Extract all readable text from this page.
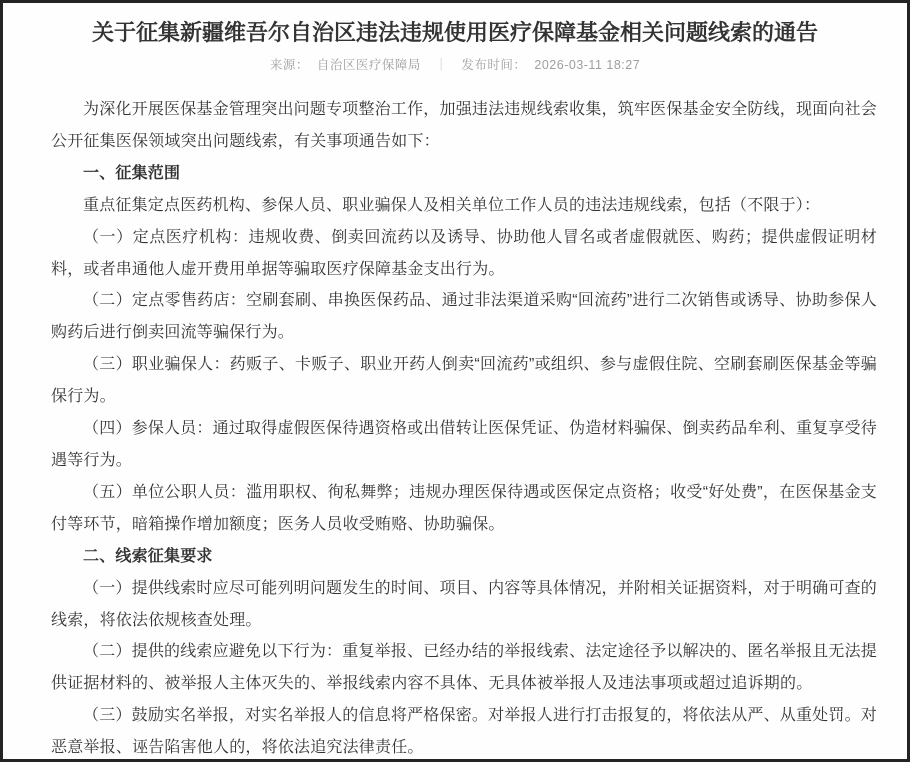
关于征集新疆维吾尔自治区违法违规使用医疗保障基金相关问题线索的通告
来源： 自治区医疗保障局 ｜ 发布时间： 2026-03-11 18:27

为深化开展医保基金管理突出问题专项整治工作，加强违法违规线索收集，筑牢医保基金安全防线，现面向社会公开征集医保领域突出问题线索，有关事项通告如下：

一、征集范围

重点征集定点医药机构、参保人员、职业骗保人及相关单位工作人员的违法违规线索，包括（不限于）：

（一）定点医疗机构：违规收费、倒卖回流药以及诱导、协助他人冒名或者虚假就医、购药；提供虚假证明材料，或者串通他人虚开费用单据等骗取医疗保障基金支出行为。

（二）定点零售药店：空刷套刷、串换医保药品、通过非法渠道采购“回流药”进行二次销售或诱导、协助参保人购药后进行倒卖回流等骗保行为。

（三）职业骗保人：药贩子、卡贩子、职业开药人倒卖“回流药”或组织、参与虚假住院、空刷套刷医保基金等骗保行为。

（四）参保人员：通过取得虚假医保待遇资格或出借转让医保凭证、伪造材料骗保、倒卖药品牟利、重复享受待遇等行为。

（五）单位公职人员：滥用职权、徇私舞弊；违规办理医保待遇或医保定点资格；收受“好处费”，在医保基金支付等环节，暗箱操作增加额度；医务人员收受贿赂、协助骗保。

二、线索征集要求

（一）提供线索时应尽可能列明问题发生的时间、项目、内容等具体情况，并附相关证据资料，对于明确可查的线索，将依法依规核查处理。

（二）提供的线索应避免以下行为：重复举报、已经办结的举报线索、法定途径予以解决的、匿名举报且无法提供证据材料的、被举报人主体灭失的、举报线索内容不具体、无具体被举报人及违法事项或超过追诉期的。

（三）鼓励实名举报，对实名举报人的信息将严格保密。对举报人进行打击报复的，将依法从严、从重处罚。对恶意举报、诬告陷害他人的，将依法追究法律责任。
